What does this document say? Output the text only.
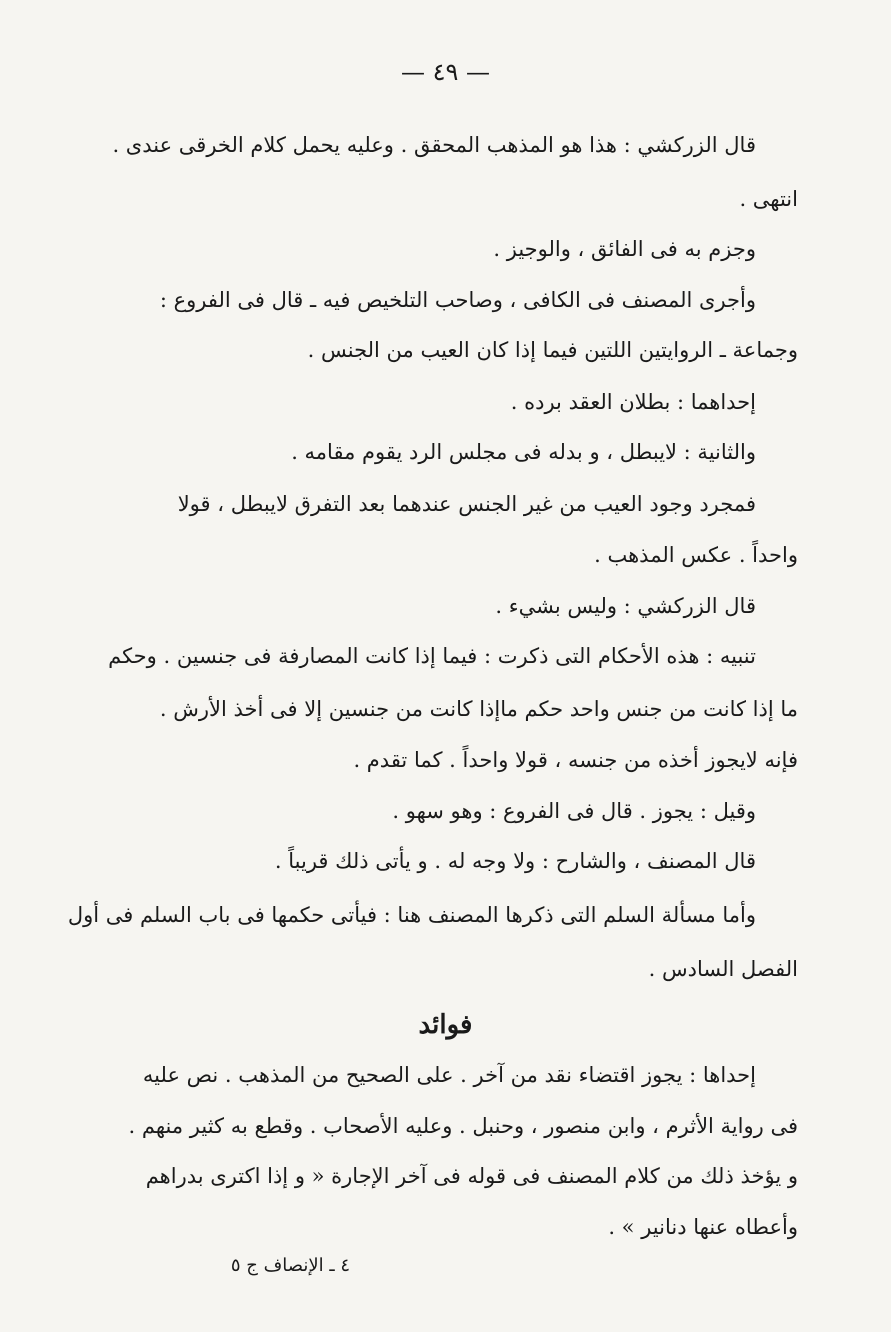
— ٤٩ —
قال الزركشي : هذا هو المذهب المحقق . وعليه يحمل كلام الخرقى عندى .
انتهى .
وجزم به فى الفائق ، والوجيز .
وأجرى المصنف فى الكافى ، وصاحب التلخيص فيه ـ قال فى الفروع :
وجماعة ـ الروايتين اللتين فيما إذا كان العيب من الجنس .
إحداهما : بطلان العقد برده .
والثانية : لايبطل ، و بدله فى مجلس الرد يقوم مقامه .
فمجرد وجود العيب من غير الجنس عندهما بعد التفرق لايبطل ، قولا
واحداً . عكس المذهب .
قال الزركشي : وليس بشيء .
تنبيه : هذه الأحكام التى ذكرت : فيما إذا كانت المصارفة فى جنسين . وحكم
ما إذا كانت من جنس واحد حكم ماإذا كانت من جنسين إلا فى أخذ الأرش .
فإنه لايجوز أخذه من جنسه ، قولا واحداً . كما تقدم .
وقيل : يجوز . قال فى الفروع : وهو سهو .
قال المصنف ، والشارح : ولا وجه له . و يأتى ذلك قريباً .
وأما مسألة السلم التى ذكرها المصنف هنا : فيأتى حكمها فى باب السلم فى أول
الفصل السادس .
فوائد
إحداها : يجوز اقتضاء نقد من آخر . على الصحيح من المذهب . نص عليه
فى رواية الأثرم ، وابن منصور ، وحنبل . وعليه الأصحاب . وقطع به كثير منهم .
و يؤخذ ذلك من كلام المصنف فى قوله فى آخر الإجارة « و إذا اكترى بدراهم
وأعطاه عنها دنانير » .
٤ ـ الإنصاف ج ٥
